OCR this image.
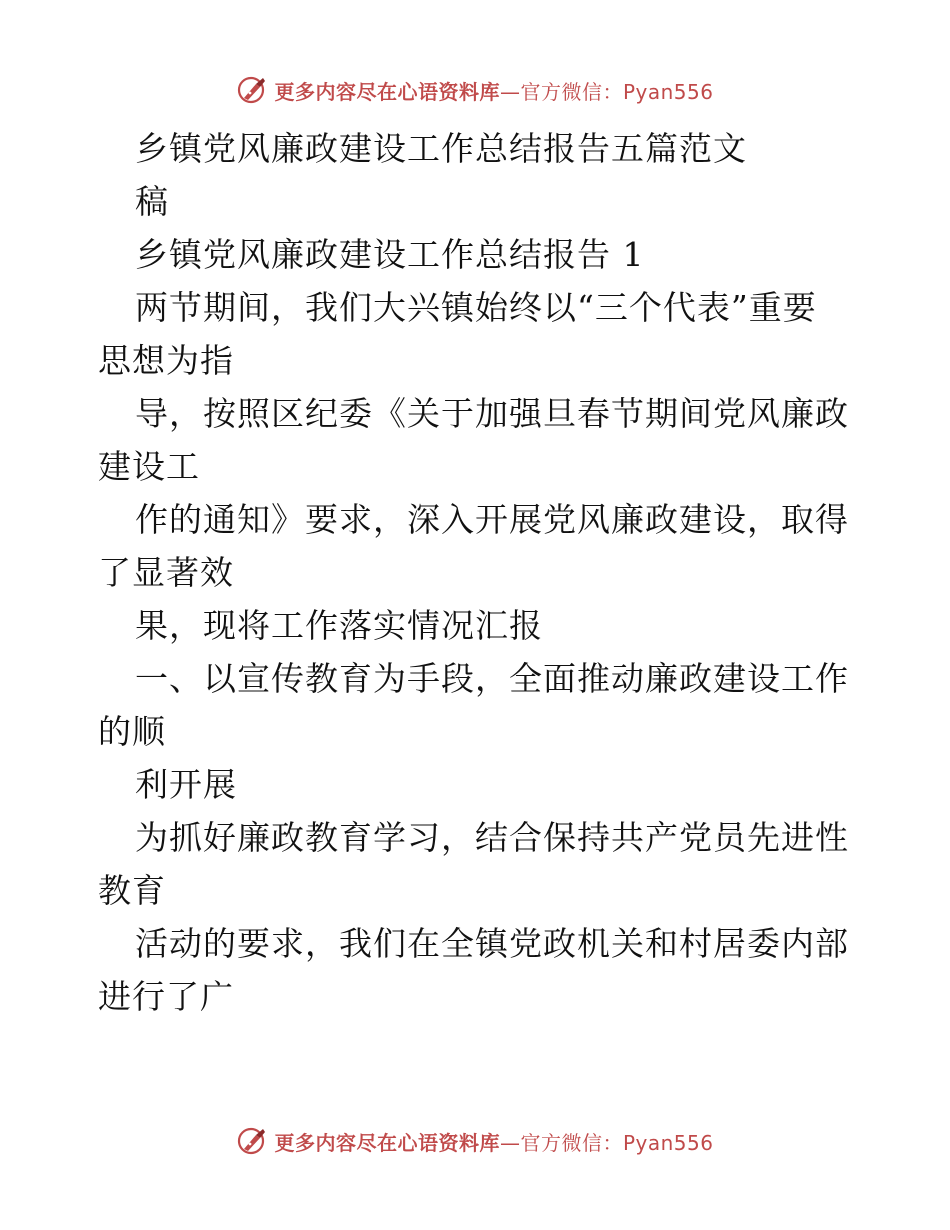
更多内容尽在心语资料库—官方微信：Pyan556
乡镇党风廉政建设工作总结报告五篇范文
稿
乡镇党风廉政建设工作总结报告 1
两节期间，我们大兴镇始终以“三个代表”重要
思想为指
导，按照区纪委《关于加强旦春节期间党风廉政
建设工
作的通知》要求，深入开展党风廉政建设，取得
了显著效
果，现将工作落实情况汇报
一、以宣传教育为手段，全面推动廉政建设工作
的顺
利开展
为抓好廉政教育学习，结合保持共产党员先进性
教育
活动的要求，我们在全镇党政机关和村居委内部
进行了广
更多内容尽在心语资料库—官方微信：Pyan556
